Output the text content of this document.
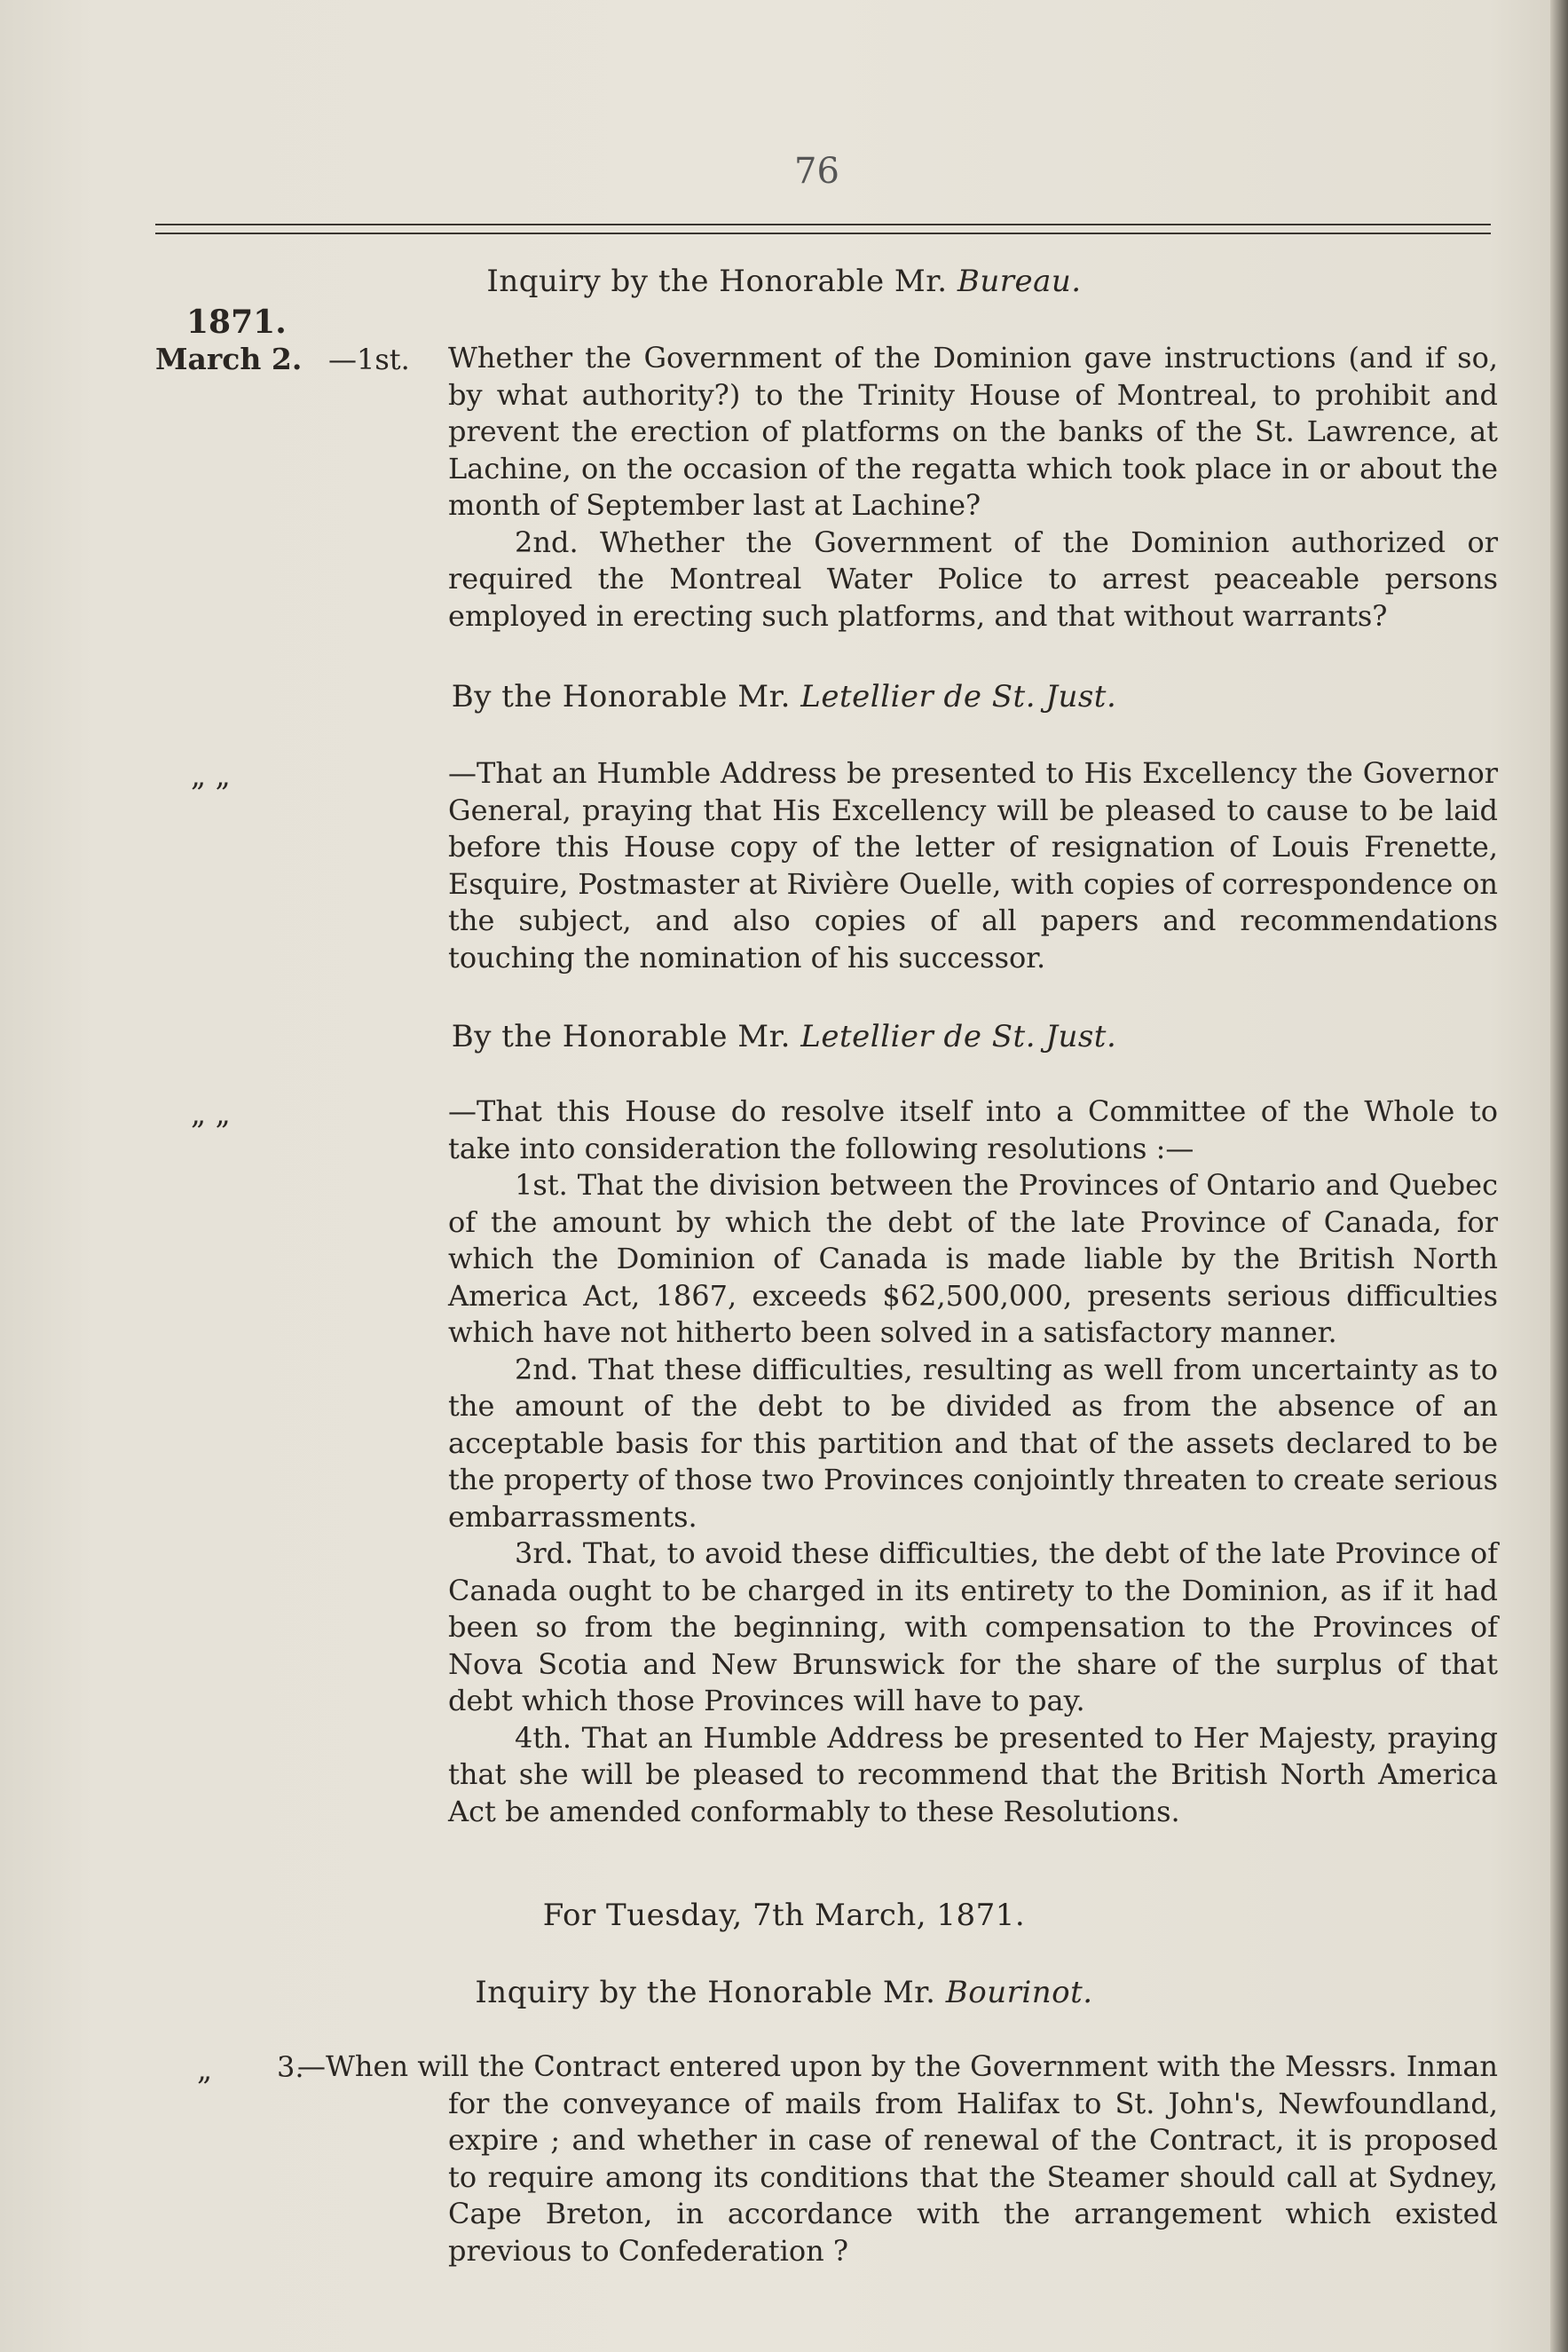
76
Inquiry by the Honorable Mr. Bureau.
1871.
March 2. —1st. Whether the Government of the Dominion gave instructions (and if so, by what authority?) to the Trinity House of Montreal, to prohibit and prevent the erection of platforms on the banks of the St. Lawrence, at Lachine, on the occasion of the regatta which took place in or about the month of September last at Lachine?

2nd. Whether the Government of the Dominion authorized or required the Montreal Water Police to arrest peaceable persons employed in erecting such platforms, and that without warrants?

By the Honorable Mr. Letellier de St. Just.
„ „	—That an Humble Address be presented to His Excellency the Governor General, praying that His Excellency will be pleased to cause to be laid before this House copy of the letter of resignation of Louis Frenette, Esquire, Postmaster at Rivière Ouelle, with copies of correspondence on the subject, and also copies of all papers and recommendations touching the nomination of his successor.

By the Honorable Mr. Letellier de St. Just.
„ „	—That this House do resolve itself into a Committee of the Whole to take into consideration the following resolutions :—

1st. That the division between the Provinces of Ontario and Quebec of the amount by which the debt of the late Province of Canada, for which the Dominion of Canada is made liable by the British North America Act, 1867, exceeds $62,500,000, presents serious difficulties which have not hitherto been solved in a satisfactory manner.

2nd. That these difficulties, resulting as well from uncertainty as to the amount of the debt to be divided as from the absence of an acceptable basis for this partition and that of the assets declared to be the property of those two Provinces conjointly threaten to create serious embarrassments.

3rd. That, to avoid these difficulties, the debt of the late Province of Canada ought to be charged in its entirety to the Dominion, as if it had been so from the beginning, with compensation to the Provinces of Nova Scotia and New Brunswick for the share of the surplus of that debt which those Provinces will have to pay.

4th. That an Humble Address be presented to Her Majesty, praying that she will be pleased to recommend that the British North America Act be amended conformably to these Resolutions.

For Tuesday, 7th March, 1871.
Inquiry by the Honorable Mr. Bourinot.
„ 3.

—When will the Contract entered upon by the Government with the Messrs. Inman for the conveyance of mails from Halifax to St. John's, Newfoundland, expire ; and whether in case of renewal of the Contract, it is proposed to require among its conditions that the Steamer should call at Sydney, Cape Breton, in accordance with the arrangement which existed previous to Confederation ?
